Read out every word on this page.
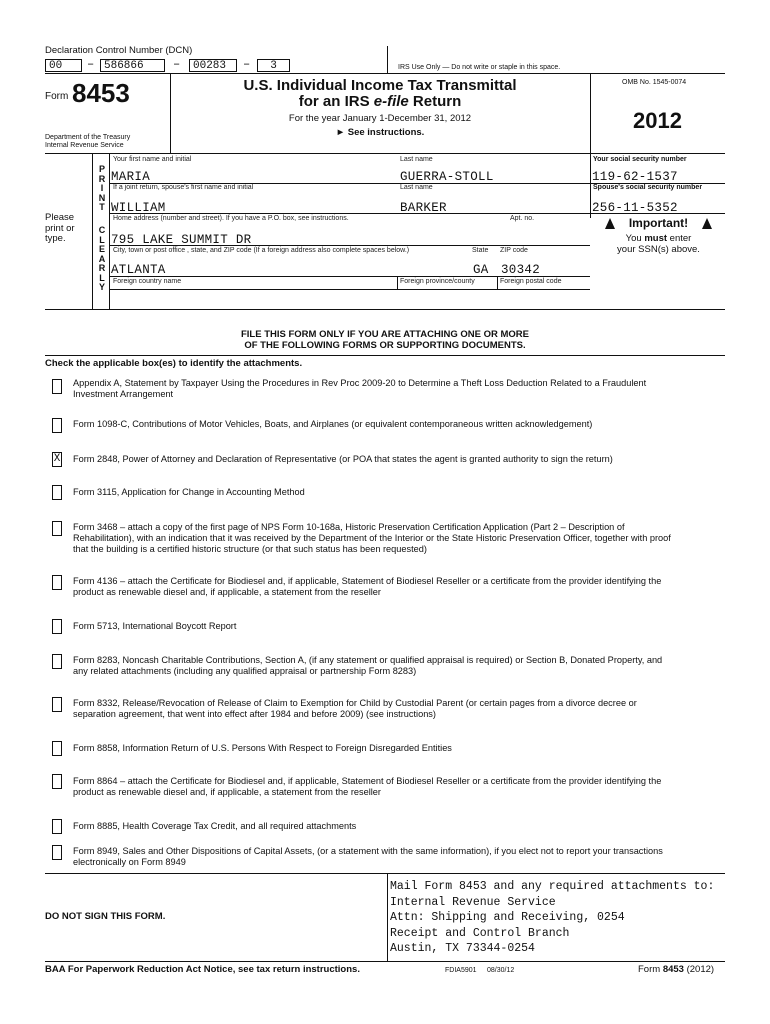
Declaration Control Number (DCN)
00	– 586866	–	00283	–	3	IRS Use Only — Do not write or staple in this space.
Form 8453	U.S. Individual Income Tax Transmittal
for an IRS e-file Return
For the year January 1-December 31, 2012
► See instructions.
OMB No. 1545-0074
2012
Department of the Treasury
Internal Revenue Service
P
R
I
N
T
C
L
E
A
R
L
Y
Please print or type.
Your first name and initial	Last name	Your social security number
MARIA	GUERRA-STOLL	119-62-1537
If a joint return, spouse's first name and initial	Last name	Spouse's social security number
WILLIAM	BARKER	256-11-5352
Home address (number and street). If you have a P.O. box, see instructions.	Apt. no.
795 LAKE SUMMIT DR
City, town or post office , state, and ZIP code (If a foreign address also complete spaces below.)	State ZIP code
ATLANTA	GA 30342
Foreign country name	Foreign province/county	Foreign postal code
Important!
You must enter
your SSN(s) above.
FILE THIS FORM ONLY IF YOU ARE ATTACHING ONE OR MORE
OF THE FOLLOWING FORMS OR SUPPORTING DOCUMENTS.
Check the applicable box(es) to identify the attachments.
Appendix A, Statement by Taxpayer Using the Procedures in Rev Proc 2009-20 to Determine a Theft Loss Deduction Related to a Fraudulent Investment Arrangement
Form 1098-C, Contributions of Motor Vehicles, Boats, and Airplanes (or equivalent contemporaneous written acknowledgement)
X Form 2848, Power of Attorney and Declaration of Representative (or POA that states the agent is granted authority to sign the return)
Form 3115, Application for Change in Accounting Method
Form 3468 – attach a copy of the first page of NPS Form 10-168a, Historic Preservation Certification Application (Part 2 – Description of Rehabilitation), with an indication that it was received by the Department of the Interior or the State Historic Preservation Officer, together with proof that the building is a certified historic structure (or that such status has been requested)
Form 4136 – attach the Certificate for Biodiesel and, if applicable, Statement of Biodiesel Reseller or a certificate from the provider identifying the product as renewable diesel and, if applicable, a statement from the reseller
Form 5713, International Boycott Report
Form 8283, Noncash Charitable Contributions, Section A, (if any statement or qualified appraisal is required) or Section B, Donated Property, and any related attachments (including any qualified appraisal or partnership Form 8283)
Form 8332, Release/Revocation of Release of Claim to Exemption for Child by Custodial Parent (or certain pages from a divorce decree or separation agreement, that went into effect after 1984 and before 2009) (see instructions)
Form 8858, Information Return of U.S. Persons With Respect to Foreign Disregarded Entities
Form 8864 – attach the Certificate for Biodiesel and, if applicable, Statement of Biodiesel Reseller or a certificate from the provider identifying the product as renewable diesel and, if applicable, a statement from the reseller
Form 8885, Health Coverage Tax Credit, and all required attachments
Form 8949, Sales and Other Dispositions of Capital Assets, (or a statement with the same information), if you elect not to report your transactions electronically on Form 8949
DO NOT SIGN THIS FORM.
Mail Form 8453 and any required attachments to:
Internal Revenue Service
Attn: Shipping and Receiving, 0254
Receipt and Control Branch
Austin, TX 73344-0254
BAA For Paperwork Reduction Act Notice, see tax return instructions.	FDIA5901 08/30/12	Form 8453 (2012)
